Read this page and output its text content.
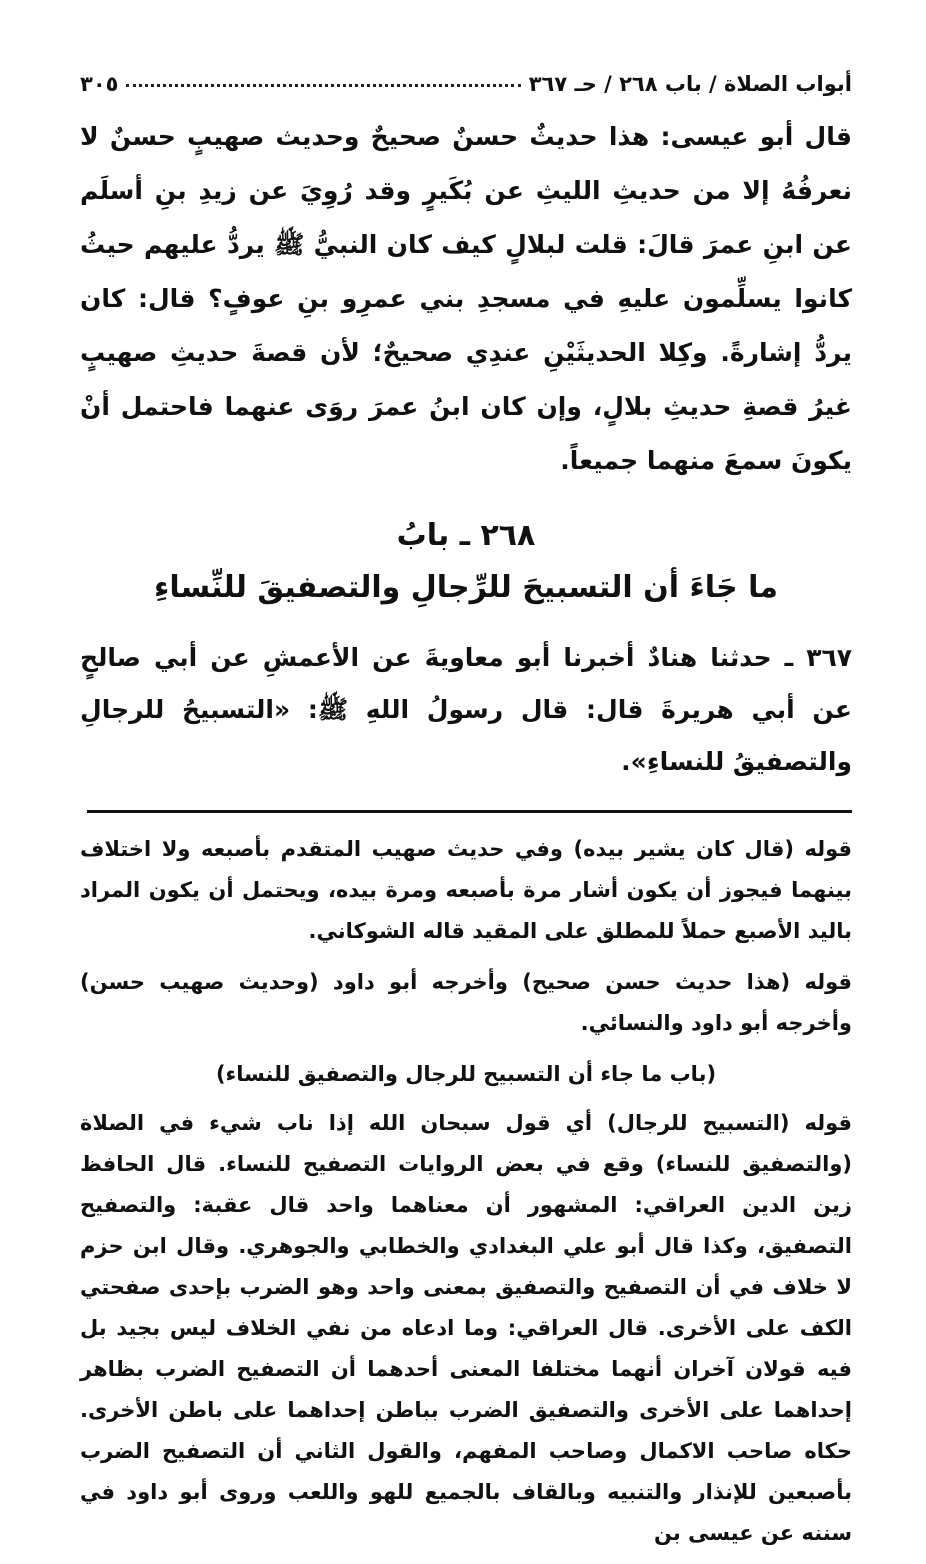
أبواب الصلاة / باب ٢٦٨ / حـ ٣٦٧
٣٠٥

قال أبو عيسى: هذا حديثٌ حسنٌ صحيحٌ وحديث صهيبٍ حسنٌ لا نعرفُهُ إلا من حديثِ الليثِ عن بُكَيرٍ وقد رُوِيَ عن زيدِ بنِ أسلَم عن ابنِ عمرَ قالَ: قلت لبلالٍ كيف كان النبيُّ ﷺ يردُّ عليهم حيثُ كانوا يسلِّمون عليهِ في مسجدِ بني عمرِو بنِ عوفٍ؟ قال: كان يردُّ إشارةً. وكِلا الحديثَيْنِ عندِي صحيحٌ؛ لأن قصةَ حديثِ صهيبٍ غيرُ قصةِ حديثِ بلالٍ، وإن كان ابنُ عمرَ روَى عنهما فاحتمل أنْ يكونَ سمعَ منهما جميعاً.

٢٦٨ ـ بابُ
ما جَاءَ أن التسبيحَ للرِّجالِ والتصفيقَ للنِّساءِ
٣٦٧ ـ حدثنا هنادٌ أخبرنا أبو معاويةَ عن الأعمشِ عن أبي صالحٍ عن أبي هريرةَ قال: قال رسولُ اللهِ ﷺ: «التسبيحُ للرجالِ والتصفيقُ للنساءِ».

قوله (قال كان يشير بيده) وفي حديث صهيب المتقدم بأصبعه ولا اختلاف بينهما فيجوز أن يكون أشار مرة بأصبعه ومرة بيده، ويحتمل أن يكون المراد باليد الأصبع حملاً للمطلق على المقيد قاله الشوكاني.

قوله (هذا حديث حسن صحيح) وأخرجه أبو داود (وحديث صهيب حسن) وأخرجه أبو داود والنسائي.

(باب ما جاء أن التسبيح للرجال والتصفيق للنساء)

قوله (التسبيح للرجال) أي قول سبحان الله إذا ناب شيء في الصلاة (والتصفيق للنساء) وقع في بعض الروايات التصفيح للنساء. قال الحافظ زين الدين العراقي: المشهور أن معناهما واحد قال عقبة: والتصفيح التصفيق، وكذا قال أبو علي البغدادي والخطابي والجوهري. وقال ابن حزم لا خلاف في أن التصفيح والتصفيق بمعنى واحد وهو الضرب بإحدى صفحتي الكف على الأخرى. قال العراقي: وما ادعاه من نفي الخلاف ليس بجيد بل فيه قولان آخران أنهما مختلفا المعنى أحدهما أن التصفيح الضرب بظاهر إحداهما على الأخرى والتصفيق الضرب بباطن إحداهما على باطن الأخرى. حكاه صاحب الاكمال وصاحب المفهم، والقول الثاني أن التصفيح الضرب بأصبعين للإنذار والتنبيه وبالقاف بالجميع للهو واللعب وروى أبو داود في سننه عن عيسى بن
